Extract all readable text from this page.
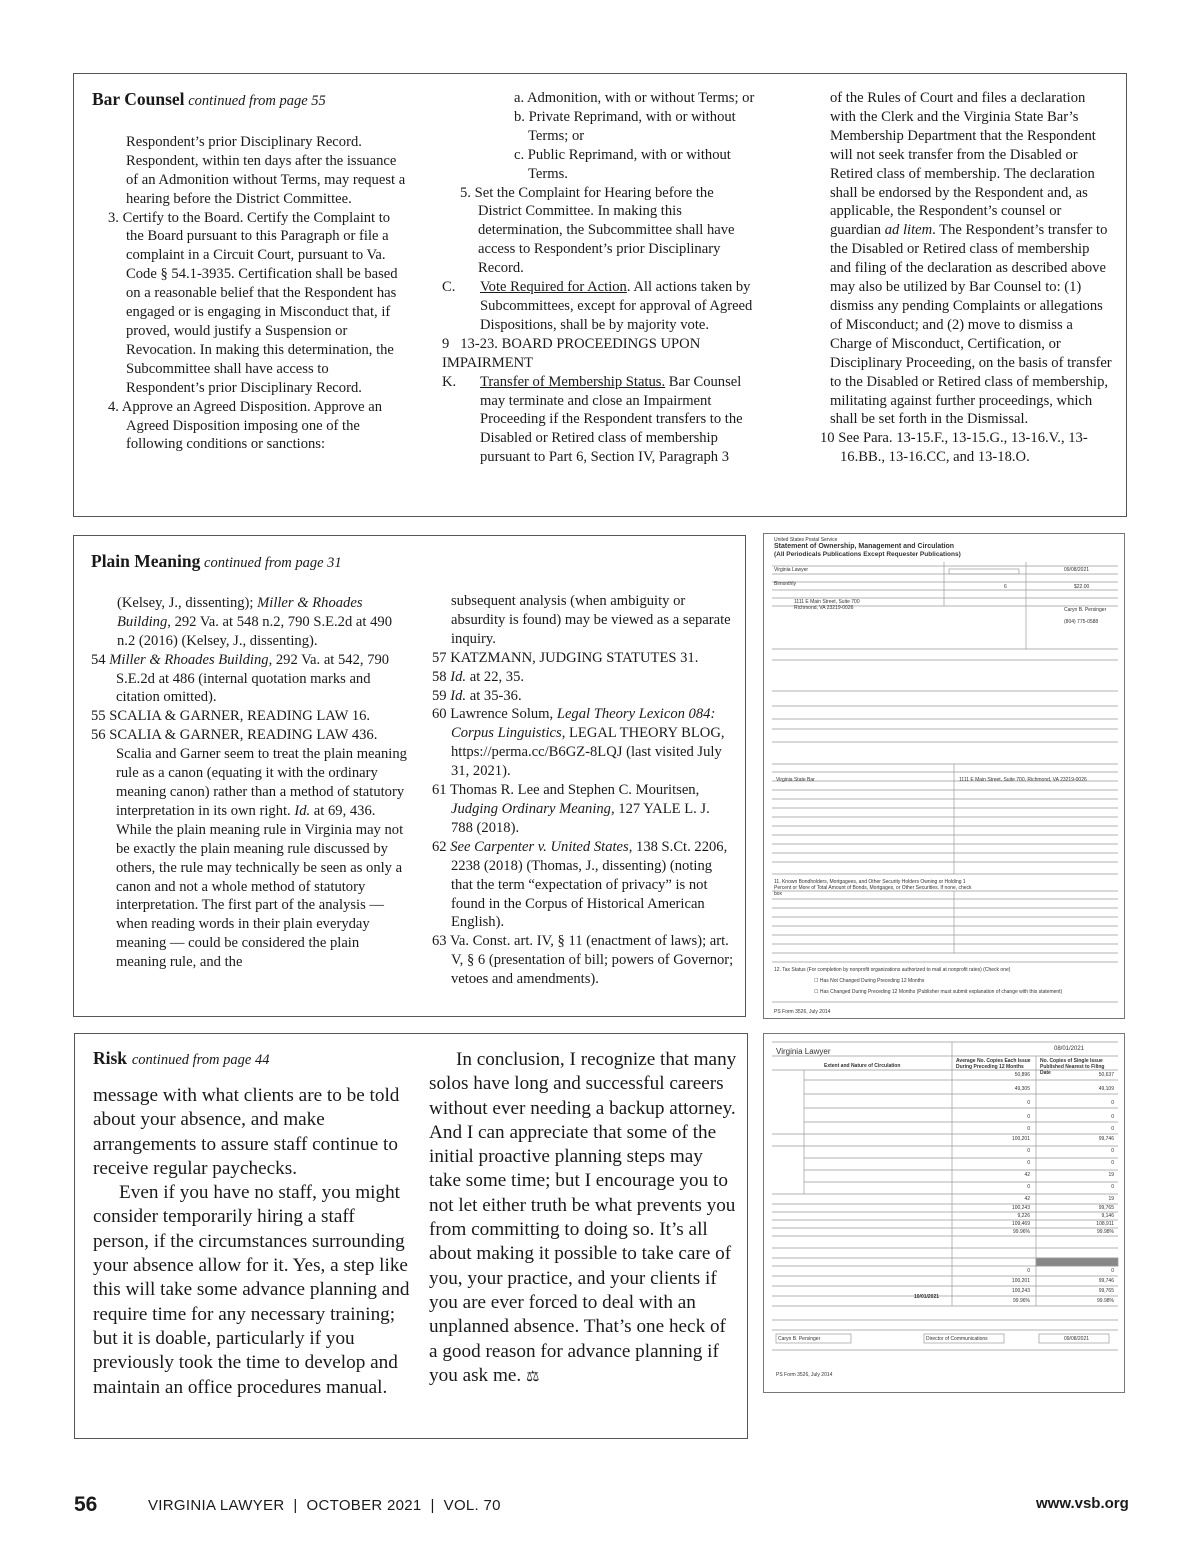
Bar Counsel continued from page 55

Respondent’s prior Disciplinary Record. Respondent, within ten days after the issuance of an Admonition without Terms, may request a hearing before the District Committee.

3. Certify to the Board. Certify the Complaint to the Board pursuant to this Paragraph or file a complaint in a Circuit Court, pursuant to Va. Code § 54.1-3935. Certification shall be based on a reasonable belief that the Respondent has engaged or is engaging in Misconduct that, if proved, would justify a Suspension or Revocation. In making this determination, the Subcommittee shall have access to Respondent’s prior Disciplinary Record.

4. Approve an Agreed Disposition. Approve an Agreed Disposition imposing one of the following conditions or sanctions:

a. Admonition, with or without Terms; or

b. Private Reprimand, with or without Terms; or

c. Public Reprimand, with or without Terms.

5. Set the Complaint for Hearing before the District Committee. In making this determination, the Subcommittee shall have access to Respondent’s prior Disciplinary Record.

C. Vote Required for Action. All actions taken by Subcommittees, except for approval of Agreed Dispositions, shall be by majority vote.

9   13-23. BOARD PROCEEDINGS UPON IMPAIRMENT

K. Transfer of Membership Status. Bar Counsel may terminate and close an Impairment Proceeding if the Respondent transfers to the Disabled or Retired class of membership pursuant to Part 6, Section IV, Paragraph 3

of the Rules of Court and files a declaration with the Clerk and the Virginia State Bar’s Membership Department that the Respondent will not seek transfer from the Disabled or Retired class of membership. The declaration shall be endorsed by the Respondent and, as applicable, the Respondent’s counsel or guardian ad litem. The Respondent’s transfer to the Disabled or Retired class of membership and filing of the declaration as described above may also be utilized by Bar Counsel to: (1) dismiss any pending Complaints or allegations of Misconduct; and (2) move to dismiss a Charge of Misconduct, Certification, or Disciplinary Proceeding, on the basis of transfer to the Disabled or Retired class of membership, militating against further proceedings, which shall be set forth in the Dismissal.

10 See Para. 13-15.F., 13-15.G., 13-16.V., 13-16.BB., 13-16.CC, and 13-18.O.

Plain Meaning continued from page 31

(Kelsey, J., dissenting); Miller & Rhoades Building, 292 Va. at 548 n.2, 790 S.E.2d at 490 n.2 (2016) (Kelsey, J., dissenting).

54 Miller & Rhoades Building, 292 Va. at 542, 790 S.E.2d at 486 (internal quotation marks and citation omitted).

55 SCALIA & GARNER, READING LAW 16.

56 SCALIA & GARNER, READING LAW 436. Scalia and Garner seem to treat the plain meaning rule as a canon (equating it with the ordinary meaning canon) rather than a method of statutory interpretation in its own right. Id. at 69, 436. While the plain meaning rule in Virginia may not be exactly the plain meaning rule discussed by others, the rule may technically be seen as only a canon and not a whole method of statutory interpretation. The first part of the analysis — when reading words in their plain everyday meaning — could be considered the plain meaning rule, and the

subsequent analysis (when ambiguity or absurdity is found) may be viewed as a separate inquiry.

57 KATZMANN, JUDGING STATUTES 31.

58 Id. at 22, 35.

59 Id. at 35-36.

60 Lawrence Solum, Legal Theory Lexicon 084: Corpus Linguistics, LEGAL THEORY BLOG, https://perma.cc/B6GZ-8LQJ (last visited July 31, 2021).

61 Thomas R. Lee and Stephen C. Mouritsen, Judging Ordinary Meaning, 127 YALE L. J. 788 (2018).

62 See Carpenter v. United States, 138 S.Ct. 2206, 2238 (2018) (Thomas, J., dissenting) (noting that the term “expectation of privacy” is not found in the Corpus of Historical American English).

63 Va. Const. art. IV, § 11 (enactment of laws); art. V, § 6 (presentation of bill; powers of Governor; vetoes and amendments).

United States Postal Service
Statement of Ownership, Management and Circulation
(All Periodicals Publications Except Requester Publications)
Virginia Lawyer	09/08/2021
Bimonthly	6	$22.00
1111 E Main Street, Suite 700
Richmond, VA 23219-0026	Caryn B. Persinger
(804) 775-0588
Virginia State Bar	1111 E Main Street, Suite 700, Richmond, VA 23219-0026
11. Known Bondholders, Mortgagees, and Other Security Holders Owning or Holding 1 Percent or More of Total Amount of Bonds, Mortgages, or Other Securities. If none, check box
12. Tax Status (For completion by nonprofit organizations authorized to mail at nonprofit rates) (Check one)
☐ Has Not Changed During Preceding 12 Months
☐ Has Changed During Preceding 12 Months (Publisher must submit explanation of change with this statement)
PS Form 3526, July 2014
Risk continued from page 44

message with what clients are to be told about your absence, and make arrangements to assure staff continue to receive regular paychecks.

Even if you have no staff, you might consider temporarily hiring a staff person, if the circumstances surrounding your absence allow for it. Yes, a step like this will take some advance planning and require time for any necessary training; but it is doable, particularly if you previously took the time to develop and maintain an office procedures manual.

In conclusion, I recognize that many solos have long and successful careers without ever needing a backup attorney. And I can appreciate that some of the initial proactive planning steps may take some time; but I encourage you to not let either truth be what prevents you from committing to doing so. It’s all about making it possible to take care of you, your practice, and your clients if you are ever forced to deal with an unplanned absence. That’s one heck of a good reason for advance planning if you ask me. ⚖

Virginia Lawyer	08/01/2021
Extent and Nature of Circulation
Average No. Copies Each Issue During Preceding 12 Months
No. Copies of Single Issue Published Nearest to Filing Date
50,896	50,637
49,305	49,109
0	0
0	0
0	0
100,201	99,746
0	0
0	0
42	19
0	0
42	19
100,243	99,765
9,226	9,146
109,469	108,911
99.96%	99.98%
0	0
100,201	99,746
100,243	99,765
99.96%	99.98%
10/01/2021
Caryn B. Persinger	Director of Communications	09/08/2021
PS Form 3526, July 2014
56	VIRGINIA LAWYER  |  OCTOBER 2021  |  VOL. 70	www.vsb.org
